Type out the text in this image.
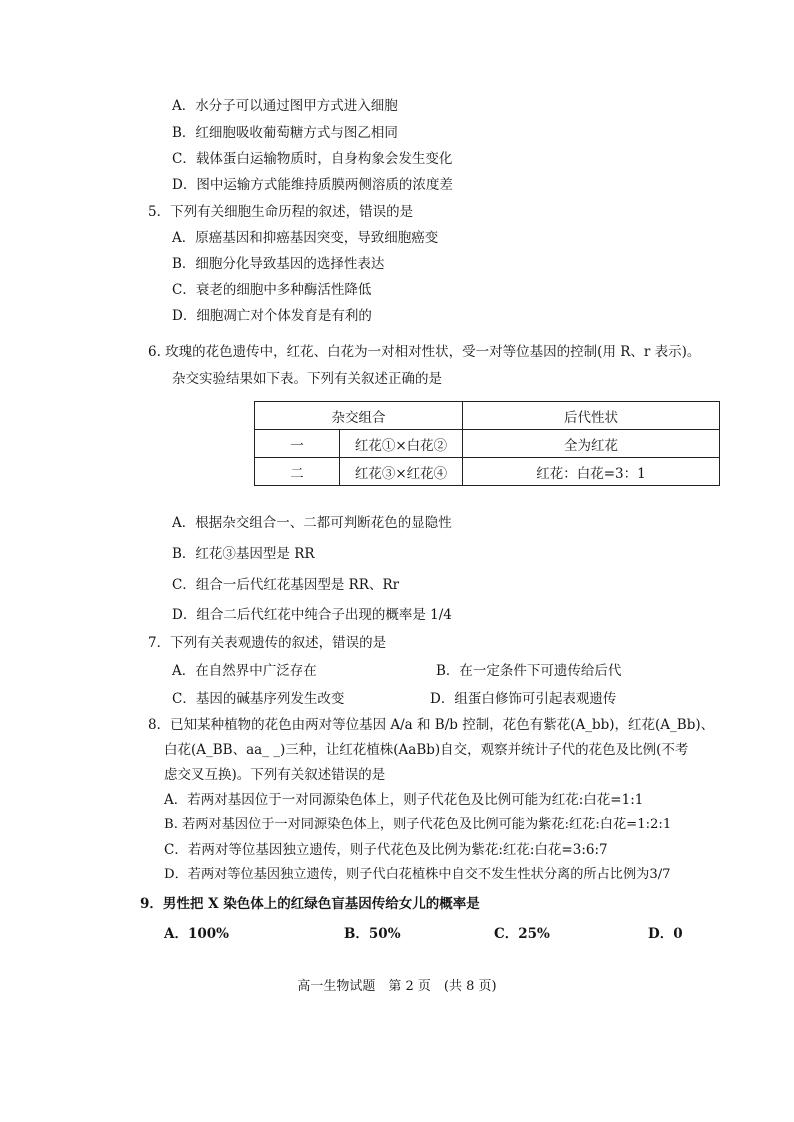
A．水分子可以通过图甲方式进入细胞
B．红细胞吸收葡萄糖方式与图乙相同
C．载体蛋白运输物质时，自身构象会发生变化
D．图中运输方式能维持质膜两侧溶质的浓度差
5．下列有关细胞生命历程的叙述，错误的是
A．原癌基因和抑癌基因突变，导致细胞癌变
B．细胞分化导致基因的选择性表达
C．衰老的细胞中多种酶活性降低
D．细胞凋亡对个体发育是有利的
6. 玫瑰的花色遗传中，红花、白花为一对相对性状，受一对等位基因的控制(用 R、r 表示)。
杂交实验结果如下表。下列有关叙述正确的是
杂交组合		后代性状
一	红花①×白花②	全为红花
二	红花③×红花④	红花：白花=3：1
A．根据杂交组合一、二都可判断花色的显隐性
B．红花③基因型是 RR
C．组合一后代红花基因型是 RR、Rr
D．组合二后代红花中纯合子出现的概率是 1/4
7．下列有关表观遗传的叙述，错误的是
A．在自然界中广泛存在	B．在一定条件下可遗传给后代
C．基因的碱基序列发生改变	D．组蛋白修饰可引起表观遗传
8．已知某种植物的花色由两对等位基因 A/a 和 B/b 控制，花色有紫花(A_bb)，红花(A_Bb)、
白花(A_BB、aa_ _)三种，让红花植株(AaBb)自交，观察并统计子代的花色及比例(不考
虑交叉互换)。下列有关叙述错误的是
A．若两对基因位于一对同源染色体上，则子代花色及比例可能为红花:白花=1:1
B. 若两对基因位于一对同源染色体上，则子代花色及比例可能为紫花:红花:白花=1:2:1
C．若两对等位基因独立遗传，则子代花色及比例为紫花:红花:白花=3:6:7
D．若两对等位基因独立遗传，则子代白花植株中自交不发生性状分离的所占比例为3/7
9．男性把 X 染色体上的红绿色盲基因传给女儿的概率是
A．100%	B．50%	C．25%	D．0
高一生物试题　第 2 页　(共 8 页)
